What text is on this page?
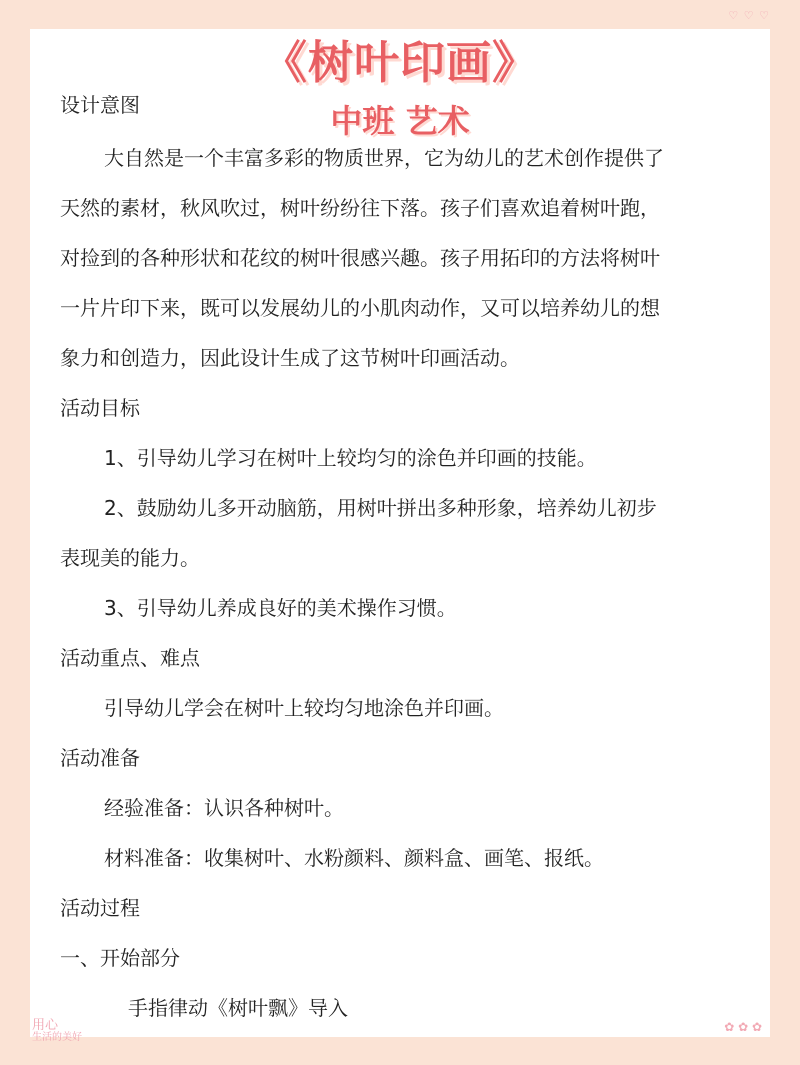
♡ ♡ ♡
《树叶印画》
中班 艺术
设计意图
大自然是一个丰富多彩的物质世界，它为幼儿的艺术创作提供了
天然的素材，秋风吹过，树叶纷纷往下落。孩子们喜欢追着树叶跑，
对捡到的各种形状和花纹的树叶很感兴趣。孩子用拓印的方法将树叶
一片片印下来，既可以发展幼儿的小肌肉动作，又可以培养幼儿的想
象力和创造力，因此设计生成了这节树叶印画活动。
活动目标
1、引导幼儿学习在树叶上较均匀的涂色并印画的技能。
2、鼓励幼儿多开动脑筋，用树叶拼出多种形象，培养幼儿初步
表现美的能力。
3、引导幼儿养成良好的美术操作习惯。
活动重点、难点
引导幼儿学会在树叶上较均匀地涂色并印画。
活动准备
经验准备：认识各种树叶。
材料准备：收集树叶、水粉颜料、颜料盒、画笔、报纸。
活动过程
一、开始部分
手指律动《树叶飘》导入
用心
生活的美好
✿ ✿ ✿
